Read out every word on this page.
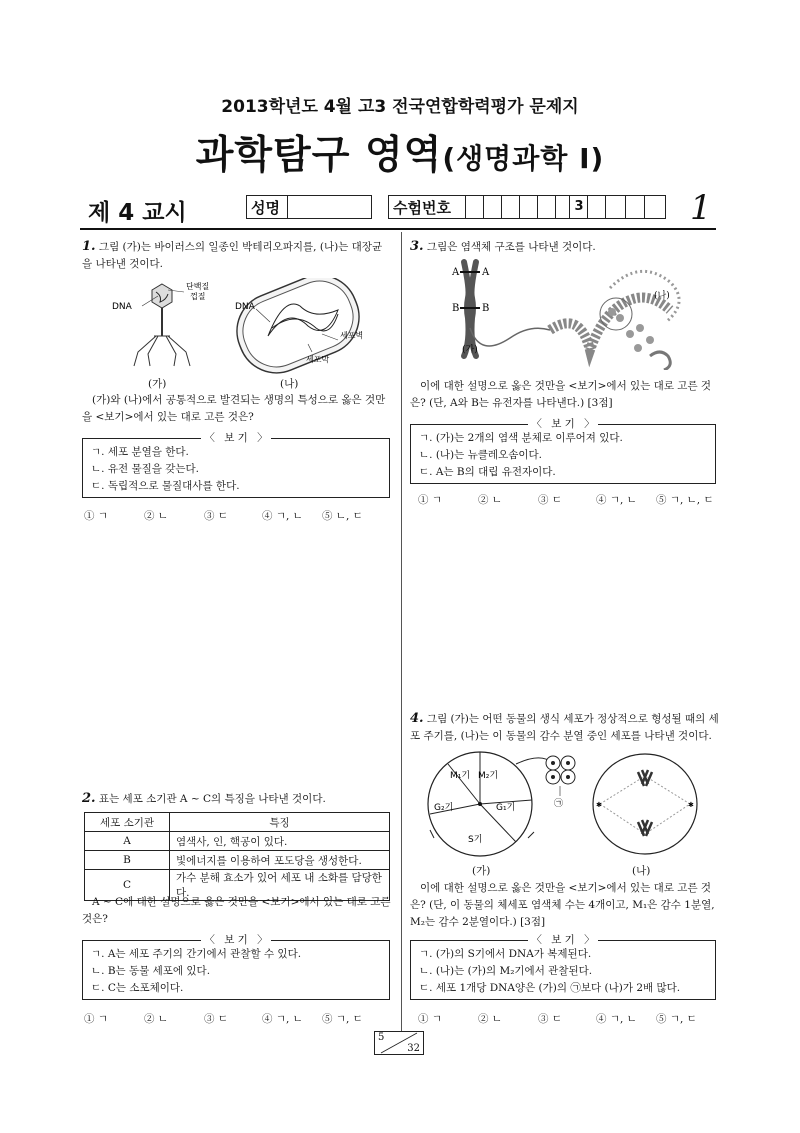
2013학년도 4월 고3 전국연합학력평가 문제지
과학탐구 영역(생명과학 Ⅰ)
제 4 교시	성명	수험번호	3	1
1. 그림 (가)는 바이러스의 일종인 박테리오파지를, (나)는 대장균을 나타낸 것이다.
DNA
단백질
껍질
DNA
세포벽
세포막
(가)	(나)
(가)와 (나)에서 공통적으로 발견되는 생명의 특성으로 옳은 것만을 <보기>에서 있는 대로 고른 것은?
〈 보 기 〉
ㄱ. 세포 분열을 한다.
ㄴ. 유전 물질을 갖는다.
ㄷ. 독립적으로 물질대사를 한다.
① ㄱ	② ㄴ	③ ㄷ	④ ㄱ, ㄴ	⑤ ㄴ, ㄷ
2. 표는 세포 소기관 A ~ C의 특징을 나타낸 것이다.
세포 소기관	특징
A	염색사, 인, 핵공이 있다.
B	빛에너지를 이용하여 포도당을 생성한다.
C	가수 분해 효소가 있어 세포 내 소화를 담당한다.
A ~ C에 대한 설명으로 옳은 것만을 <보기>에서 있는 대로 고른 것은?
〈 보 기 〉
ㄱ. A는 세포 주기의 간기에서 관찰할 수 있다.
ㄴ. B는 동물 세포에 있다.
ㄷ. C는 소포체이다.
① ㄱ	② ㄴ	③ ㄷ	④ ㄱ, ㄴ	⑤ ㄱ, ㄷ
3. 그림은 염색체 구조를 나타낸 것이다.
A A
B B
(나)
(가)
이에 대한 설명으로 옳은 것만을 <보기>에서 있는 대로 고른 것은? (단, A와 B는 유전자를 나타낸다.) [3점]
〈 보 기 〉
ㄱ. (가)는 2개의 염색 분체로 이루어져 있다.
ㄴ. (나)는 뉴클레오솜이다.
ㄷ. A는 B의 대립 유전자이다.
① ㄱ	② ㄴ	③ ㄷ	④ ㄱ, ㄴ	⑤ ㄱ, ㄴ, ㄷ
4. 그림 (가)는 어떤 동물의 생식 세포가 정상적으로 형성될 때의 세포 주기를, (나)는 이 동물의 감수 분열 중인 세포를 나타낸 것이다.
M₁기 M₂기
G₂기	G₁기
S기
㉠	✱	✱
(가)	(나)
이에 대한 설명으로 옳은 것만을 <보기>에서 있는 대로 고른 것은? (단, 이 동물의 체세포 염색체 수는 4개이고, M₁은 감수 1분열, M₂는 감수 2분열이다.) [3점]
〈 보 기 〉
ㄱ. (가)의 S기에서 DNA가 복제된다.
ㄴ. (나)는 (가)의 M₂기에서 관찰된다.
ㄷ. 세포 1개당 DNA양은 (가)의 ㉠보다 (나)가 2배 많다.
① ㄱ	② ㄴ	③ ㄷ	④ ㄱ, ㄴ	⑤ ㄱ, ㄷ
5
32
